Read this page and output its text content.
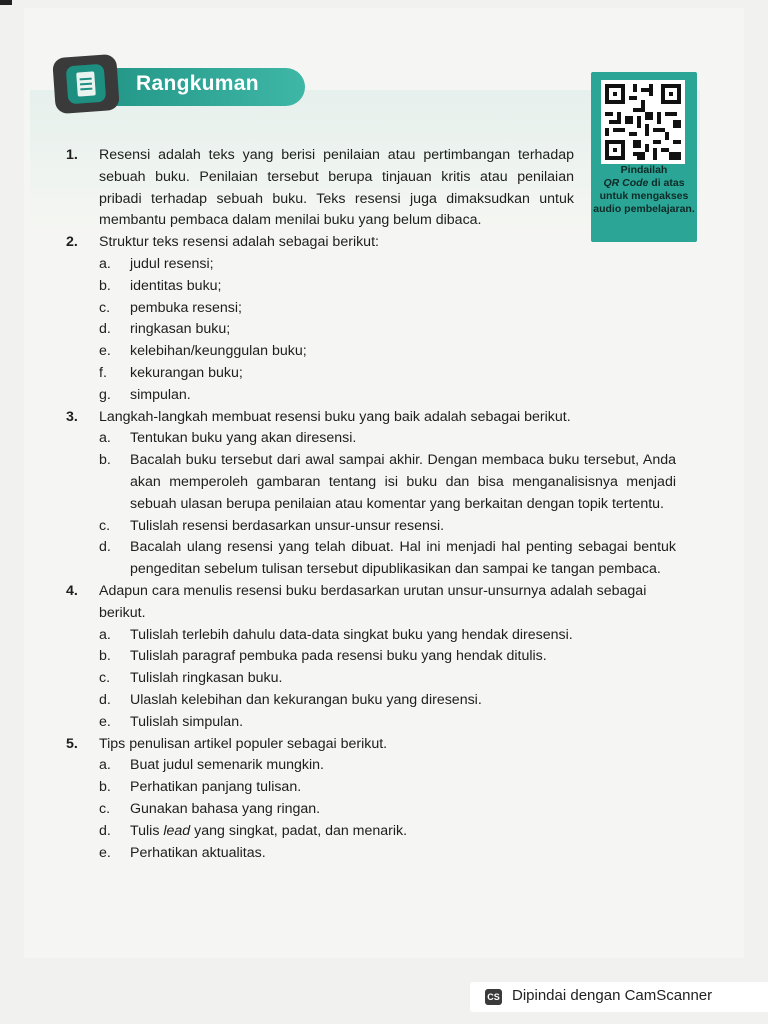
Rangkuman
Pindailah
QR Code di atas untuk mengakses audio pembelajaran.
1. Resensi adalah teks yang berisi penilaian atau pertimbangan terhadap sebuah buku. Penilaian tersebut berupa tinjauan kritis atau penilaian pribadi terhadap sebuah buku. Teks resensi juga dimaksudkan untuk membantu pembaca dalam menilai buku yang belum dibaca.
2. Struktur teks resensi adalah sebagai berikut:
a. judul resensi;
b. identitas buku;
c. pembuka resensi;
d. ringkasan buku;
e. kelebihan/keunggulan buku;
f. kekurangan buku;
g. simpulan.
3. Langkah-langkah membuat resensi buku yang baik adalah sebagai berikut.
a. Tentukan buku yang akan diresensi.
b. Bacalah buku tersebut dari awal sampai akhir. Dengan membaca buku tersebut, Anda akan memperoleh gambaran tentang isi buku dan bisa menganalisisnya menjadi sebuah ulasan berupa penilaian atau komentar yang berkaitan dengan topik tertentu.
c. Tulislah resensi berdasarkan unsur-unsur resensi.
d. Bacalah ulang resensi yang telah dibuat. Hal ini menjadi hal penting sebagai bentuk pengeditan sebelum tulisan tersebut dipublikasikan dan sampai ke tangan pembaca.
4. Adapun cara menulis resensi buku berdasarkan urutan unsur-unsurnya adalah sebagai berikut.
a. Tulislah terlebih dahulu data-data singkat buku yang hendak diresensi.
b. Tulislah paragraf pembuka pada resensi buku yang hendak ditulis.
c. Tulislah ringkasan buku.
d. Ulaslah kelebihan dan kekurangan buku yang diresensi.
e. Tulislah simpulan.
5. Tips penulisan artikel populer sebagai berikut.
a. Buat judul semenarik mungkin.
b. Perhatikan panjang tulisan.
c. Gunakan bahasa yang ringan.
d. Tulis lead yang singkat, padat, dan menarik.
e. Perhatikan aktualitas.
CS Dipindai dengan CamScanner
